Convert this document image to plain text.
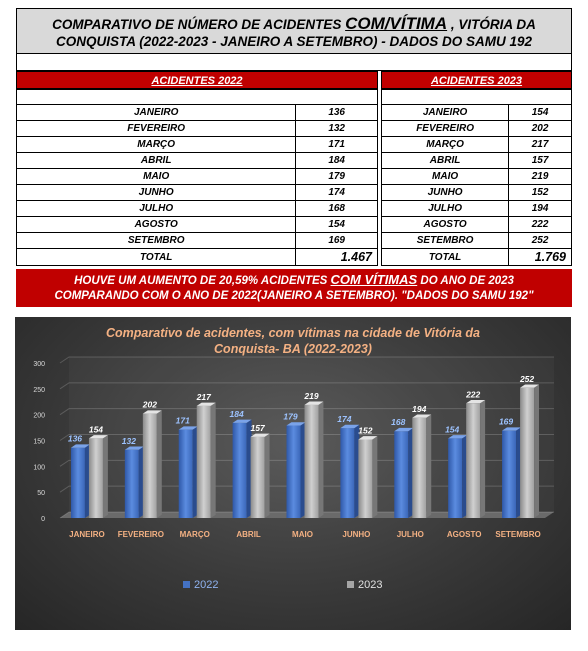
COMPARATIVO DE NÚMERO DE ACIDENTES COM/VÍTIMA , VITÓRIA DA
CONQUISTA (2022-2023 - JANEIRO A SETEMBRO) - DADOS DO SAMU 192
ACIDENTES 2022	ACIDENTES 2023

JANEIRO	136
FEVEREIRO	132
MARÇO	171
ABRIL	184
MAIO	179
JUNHO	174
JULHO	168
AGOSTO	154
SETEMBRO	169
TOTAL	1.467

JANEIRO	154
FEVEREIRO	202
MARÇO	217
ABRIL	157
MAIO	219
JUNHO	152
JULHO	194
AGOSTO	222
SETEMBRO	252
TOTAL	1.769
HOUVE UM AUMENTO DE 20,59% ACIDENTES COM VÍTIMAS DO ANO DE 2023
COMPARANDO COM O ANO DE 2022(JANEIRO A SETEMBRO). "DADOS DO SAMU 192"
Comparativo de acidentes, com vítimas na cidade de Vitória da
Conquista- BA (2022-2023)
0
50
100
150
200
250
300
136
154
132
202
171
217
184
157
179
219
174
152
168
194
154
222
169
252
JANEIRO FEVEREIRO MARÇO	ABRIL	MAIO	JUNHO	JULHO	AGOSTO SETEMBRO
2022	2023
